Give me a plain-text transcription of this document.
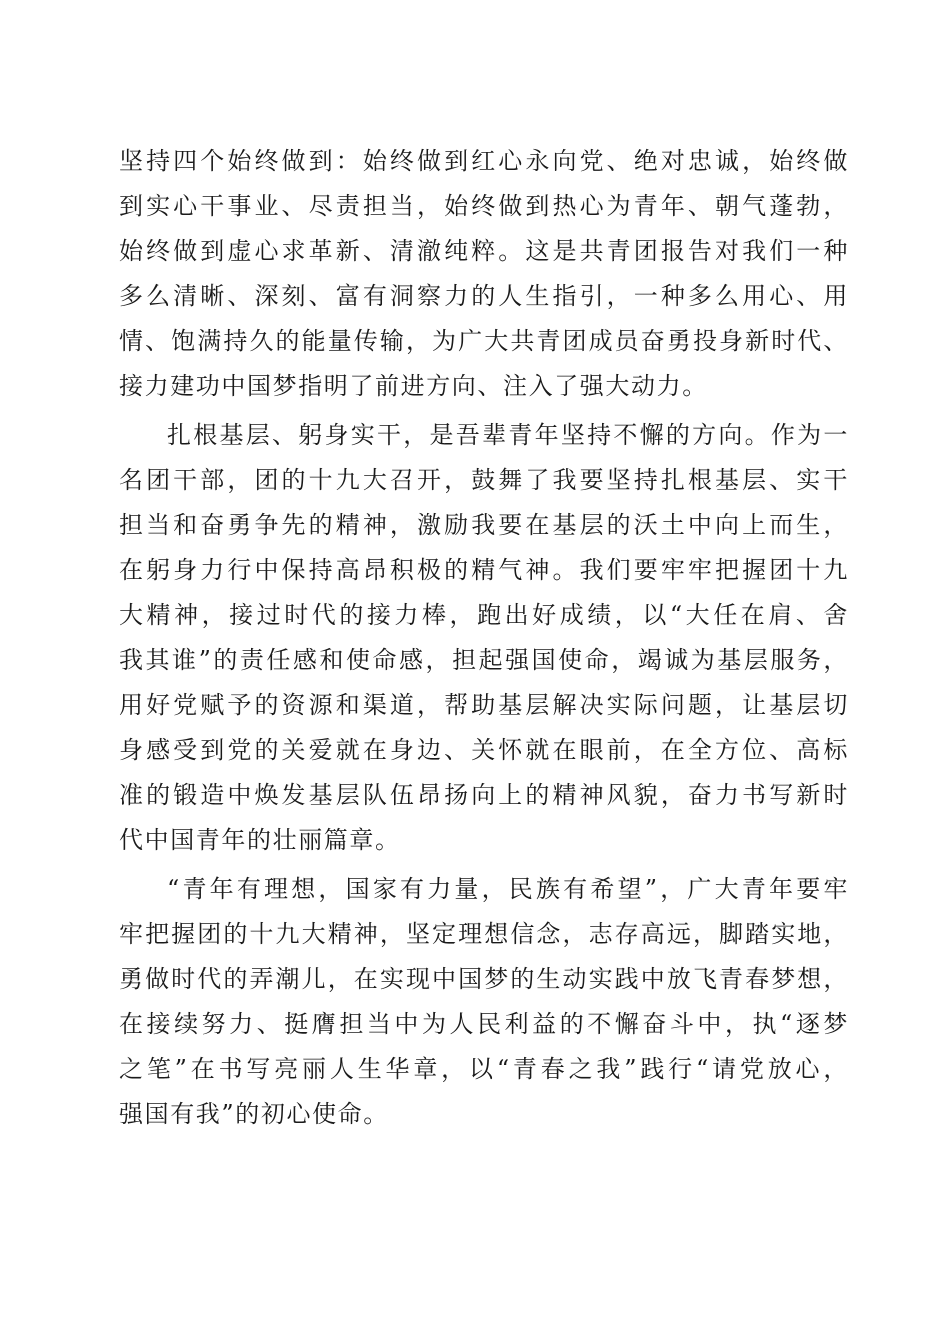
坚持四个始终做到：始终做到红心永向党、绝对忠诚，始终做
到实心干事业、尽责担当，始终做到热心为青年、朝气蓬勃，
始终做到虚心求革新、清澈纯粹。这是共青团报告对我们一种
多么清晰、深刻、富有洞察力的人生指引，一种多么用心、用
情、饱满持久的能量传输，为广大共青团成员奋勇投身新时代、
接力建功中国梦指明了前进方向、注入了强大动力。
扎根基层、躬身实干，是吾辈青年坚持不懈的方向。作为一
名团干部，团的十九大召开，鼓舞了我要坚持扎根基层、实干
担当和奋勇争先的精神，激励我要在基层的沃土中向上而生，
在躬身力行中保持高昂积极的精气神。我们要牢牢把握团十九
大精神，接过时代的接力棒，跑出好成绩，以“大任在肩、舍
我其谁”的责任感和使命感，担起强国使命，竭诚为基层服务，
用好党赋予的资源和渠道，帮助基层解决实际问题，让基层切
身感受到党的关爱就在身边、关怀就在眼前，在全方位、高标
准的锻造中焕发基层队伍昂扬向上的精神风貌，奋力书写新时
代中国青年的壮丽篇章。
“青年有理想，国家有力量，民族有希望”，广大青年要牢
牢把握团的十九大精神，坚定理想信念，志存高远，脚踏实地，
勇做时代的弄潮儿，在实现中国梦的生动实践中放飞青春梦想，
在接续努力、挺膺担当中为人民利益的不懈奋斗中，执“逐梦
之笔”在书写亮丽人生华章，以“青春之我”践行“请党放心，
强国有我”的初心使命。
